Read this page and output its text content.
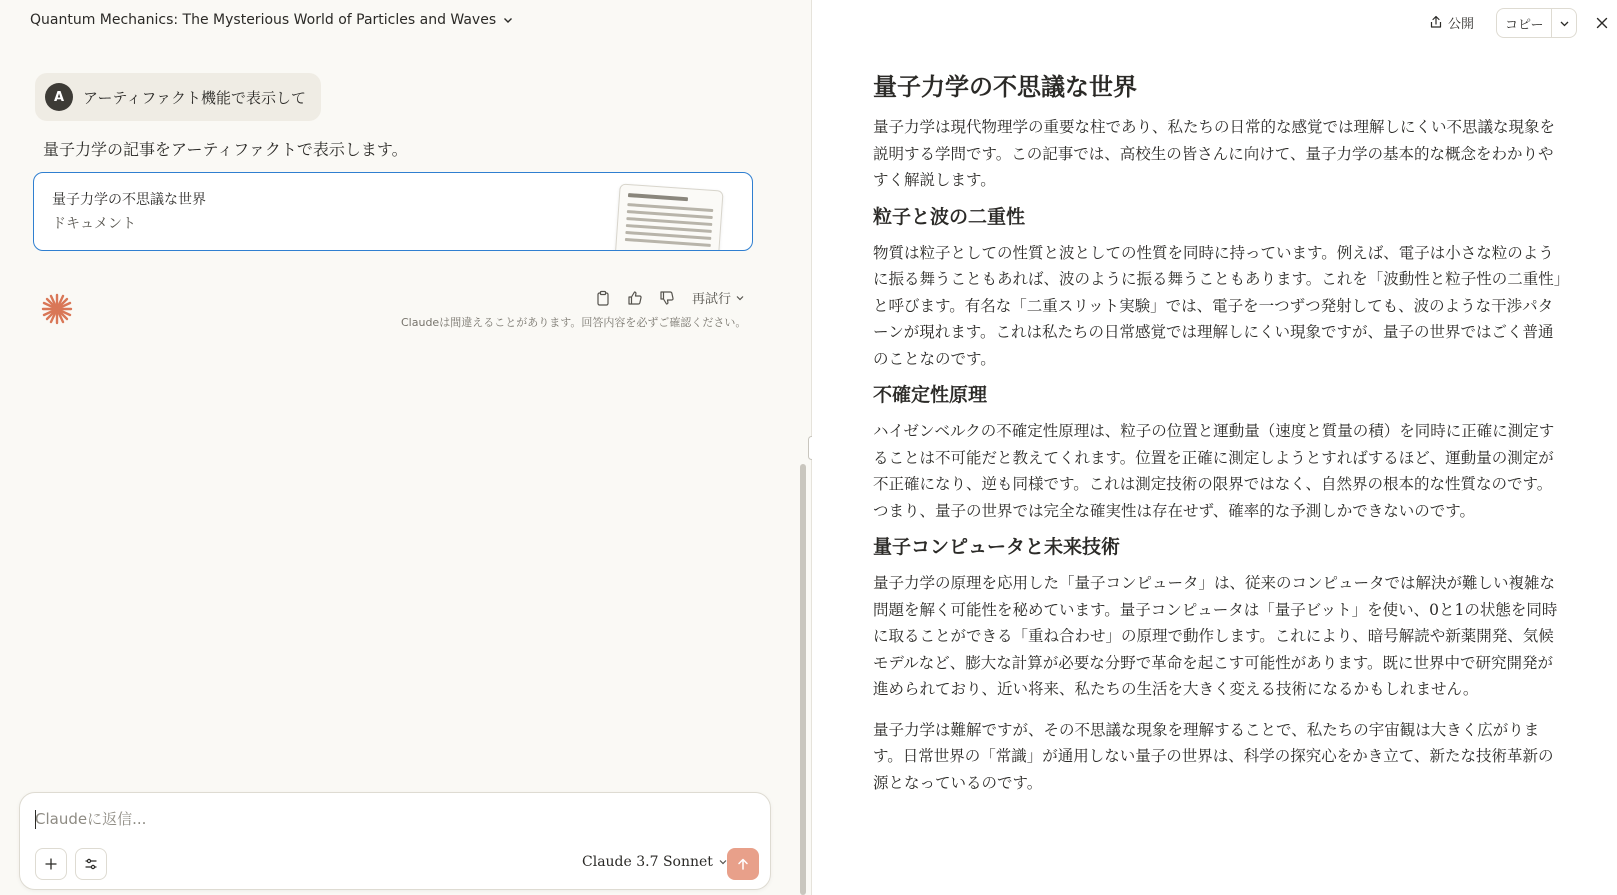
Quantum Mechanics: The Mysterious World of Particles and Waves
A	アーティファクト機能で表示して
量子力学の記事をアーティファクトで表示します。
量子力学の不思議な世界
ドキュメント
再試行
Claudeは間違えることがあります。回答内容を必ずご確認ください。
Claudeに返信...
Claude 3.7 Sonnet
公開	コピー
量子力学の不思議な世界

量子力学は現代物理学の重要な柱であり、私たちの日常的な感覚では理解しにくい不思議な現象を説明する学問です。この記事では、高校生の皆さんに向けて、量子力学の基本的な概念をわかりやすく解説します。

粒子と波の二重性

物質は粒子としての性質と波としての性質を同時に持っています。例えば、電子は小さな粒のように振る舞うこともあれば、波のように振る舞うこともあります。これを「波動性と粒子性の二重性」と呼びます。有名な「二重スリット実験」では、電子を一つずつ発射しても、波のような干渉パターンが現れます。これは私たちの日常感覚では理解しにくい現象ですが、量子の世界ではごく普通のことなのです。

不確定性原理

ハイゼンベルクの不確定性原理は、粒子の位置と運動量（速度と質量の積）を同時に正確に測定することは不可能だと教えてくれます。位置を正確に測定しようとすればするほど、運動量の測定が不正確になり、逆も同様です。これは測定技術の限界ではなく、自然界の根本的な性質なのです。つまり、量子の世界では完全な確実性は存在せず、確率的な予測しかできないのです。

量子コンピュータと未来技術

量子力学の原理を応用した「量子コンピュータ」は、従来のコンピュータでは解決が難しい複雑な問題を解く可能性を秘めています。量子コンピュータは「量子ビット」を使い、0と1の状態を同時に取ることができる「重ね合わせ」の原理で動作します。これにより、暗号解読や新薬開発、気候モデルなど、膨大な計算が必要な分野で革命を起こす可能性があります。既に世界中で研究開発が進められており、近い将来、私たちの生活を大きく変える技術になるかもしれません。

量子力学は難解ですが、その不思議な現象を理解することで、私たちの宇宙観は大きく広がります。日常世界の「常識」が通用しない量子の世界は、科学の探究心をかき立て、新たな技術革新の源となっているのです。
